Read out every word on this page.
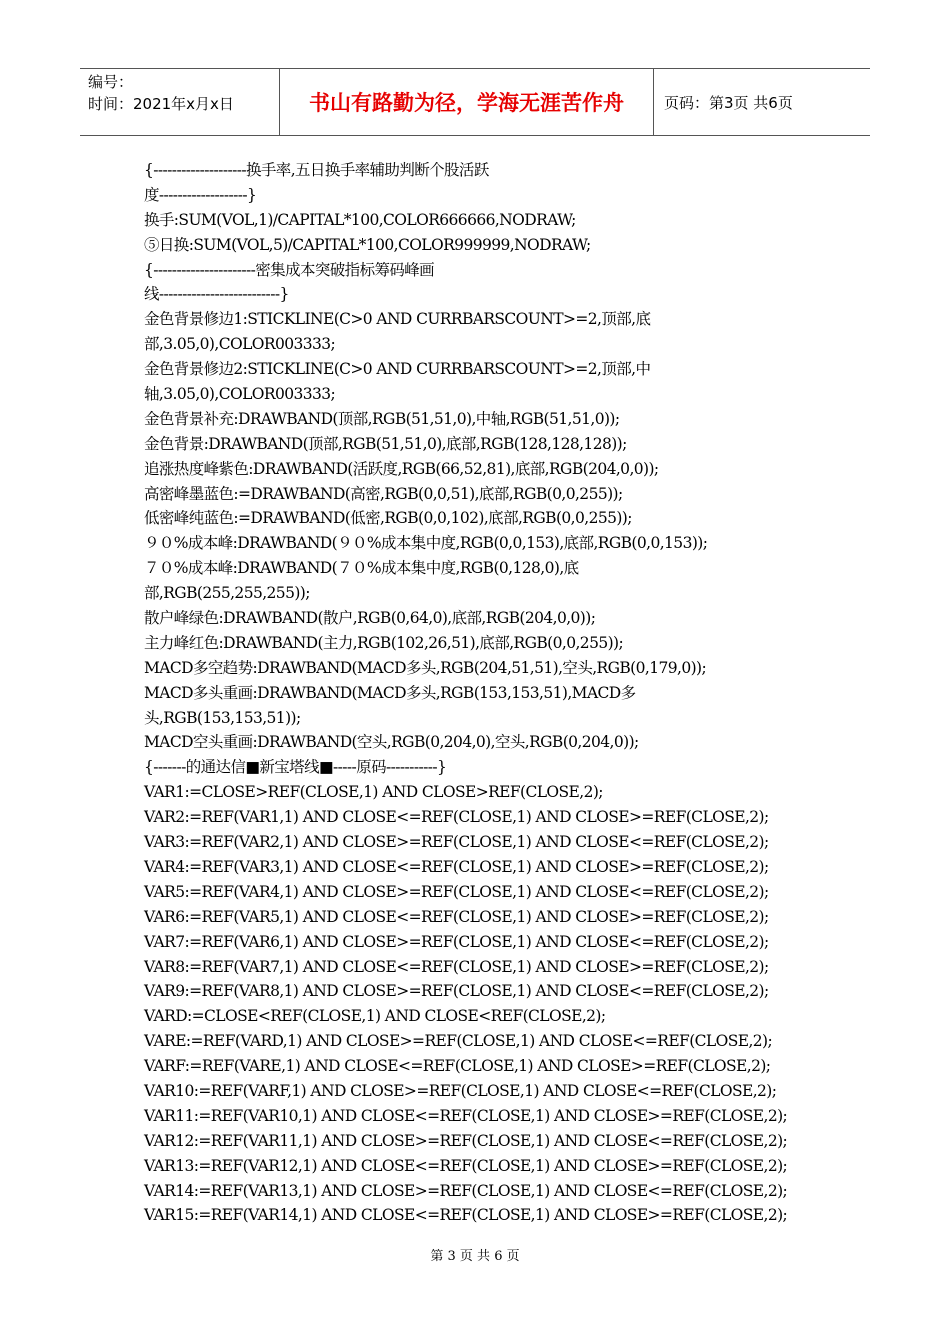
编号：
时间：2021年x月x日	书山有路勤为径，学海无涯苦作舟	页码：第3页 共6页
{--------------------换手率,五日换手率辅助判断个股活跃
度-------------------}
换手:SUM(VOL,1)/CAPITAL*100,COLOR666666,NODRAW;
⑤日换:SUM(VOL,5)/CAPITAL*100,COLOR999999,NODRAW;
{----------------------密集成本突破指标筹码峰画
线--------------------------}
金色背景修边1:STICKLINE(C>0 AND CURRBARSCOUNT>=2,顶部,底
部,3.05,0),COLOR003333;
金色背景修边2:STICKLINE(C>0 AND CURRBARSCOUNT>=2,顶部,中
轴,3.05,0),COLOR003333;
金色背景补充:DRAWBAND(顶部,RGB(51,51,0),中轴,RGB(51,51,0));
金色背景:DRAWBAND(顶部,RGB(51,51,0),底部,RGB(128,128,128));
追涨热度峰紫色:DRAWBAND(活跃度,RGB(66,52,81),底部,RGB(204,0,0));
高密峰墨蓝色:=DRAWBAND(高密,RGB(0,0,51),底部,RGB(0,0,255));
低密峰纯蓝色:=DRAWBAND(低密,RGB(0,0,102),底部,RGB(0,0,255));
９０%成本峰:DRAWBAND(９０%成本集中度,RGB(0,0,153),底部,RGB(0,0,153));
７０%成本峰:DRAWBAND(７０%成本集中度,RGB(0,128,0),底
部,RGB(255,255,255));
散户峰绿色:DRAWBAND(散户,RGB(0,64,0),底部,RGB(204,0,0));
主力峰红色:DRAWBAND(主力,RGB(102,26,51),底部,RGB(0,0,255));
MACD多空趋势:DRAWBAND(MACD多头,RGB(204,51,51),空头,RGB(0,179,0));
MACD多头重画:DRAWBAND(MACD多头,RGB(153,153,51),MACD多
头,RGB(153,153,51));
MACD空头重画:DRAWBAND(空头,RGB(0,204,0),空头,RGB(0,204,0));
{-------的通达信■新宝塔线■-----原码-----------}
VAR1:=CLOSE>REF(CLOSE,1) AND CLOSE>REF(CLOSE,2);
VAR2:=REF(VAR1,1) AND CLOSE<=REF(CLOSE,1) AND CLOSE>=REF(CLOSE,2);
VAR3:=REF(VAR2,1) AND CLOSE>=REF(CLOSE,1) AND CLOSE<=REF(CLOSE,2);
VAR4:=REF(VAR3,1) AND CLOSE<=REF(CLOSE,1) AND CLOSE>=REF(CLOSE,2);
VAR5:=REF(VAR4,1) AND CLOSE>=REF(CLOSE,1) AND CLOSE<=REF(CLOSE,2);
VAR6:=REF(VAR5,1) AND CLOSE<=REF(CLOSE,1) AND CLOSE>=REF(CLOSE,2);
VAR7:=REF(VAR6,1) AND CLOSE>=REF(CLOSE,1) AND CLOSE<=REF(CLOSE,2);
VAR8:=REF(VAR7,1) AND CLOSE<=REF(CLOSE,1) AND CLOSE>=REF(CLOSE,2);
VAR9:=REF(VAR8,1) AND CLOSE>=REF(CLOSE,1) AND CLOSE<=REF(CLOSE,2);
VARD:=CLOSE<REF(CLOSE,1) AND CLOSE<REF(CLOSE,2);
VARE:=REF(VARD,1) AND CLOSE>=REF(CLOSE,1) AND CLOSE<=REF(CLOSE,2);
VARF:=REF(VARE,1) AND CLOSE<=REF(CLOSE,1) AND CLOSE>=REF(CLOSE,2);
VAR10:=REF(VARF,1) AND CLOSE>=REF(CLOSE,1) AND CLOSE<=REF(CLOSE,2);
VAR11:=REF(VAR10,1) AND CLOSE<=REF(CLOSE,1) AND CLOSE>=REF(CLOSE,2);
VAR12:=REF(VAR11,1) AND CLOSE>=REF(CLOSE,1) AND CLOSE<=REF(CLOSE,2);
VAR13:=REF(VAR12,1) AND CLOSE<=REF(CLOSE,1) AND CLOSE>=REF(CLOSE,2);
VAR14:=REF(VAR13,1) AND CLOSE>=REF(CLOSE,1) AND CLOSE<=REF(CLOSE,2);
VAR15:=REF(VAR14,1) AND CLOSE<=REF(CLOSE,1) AND CLOSE>=REF(CLOSE,2);
第 3 页 共 6 页
